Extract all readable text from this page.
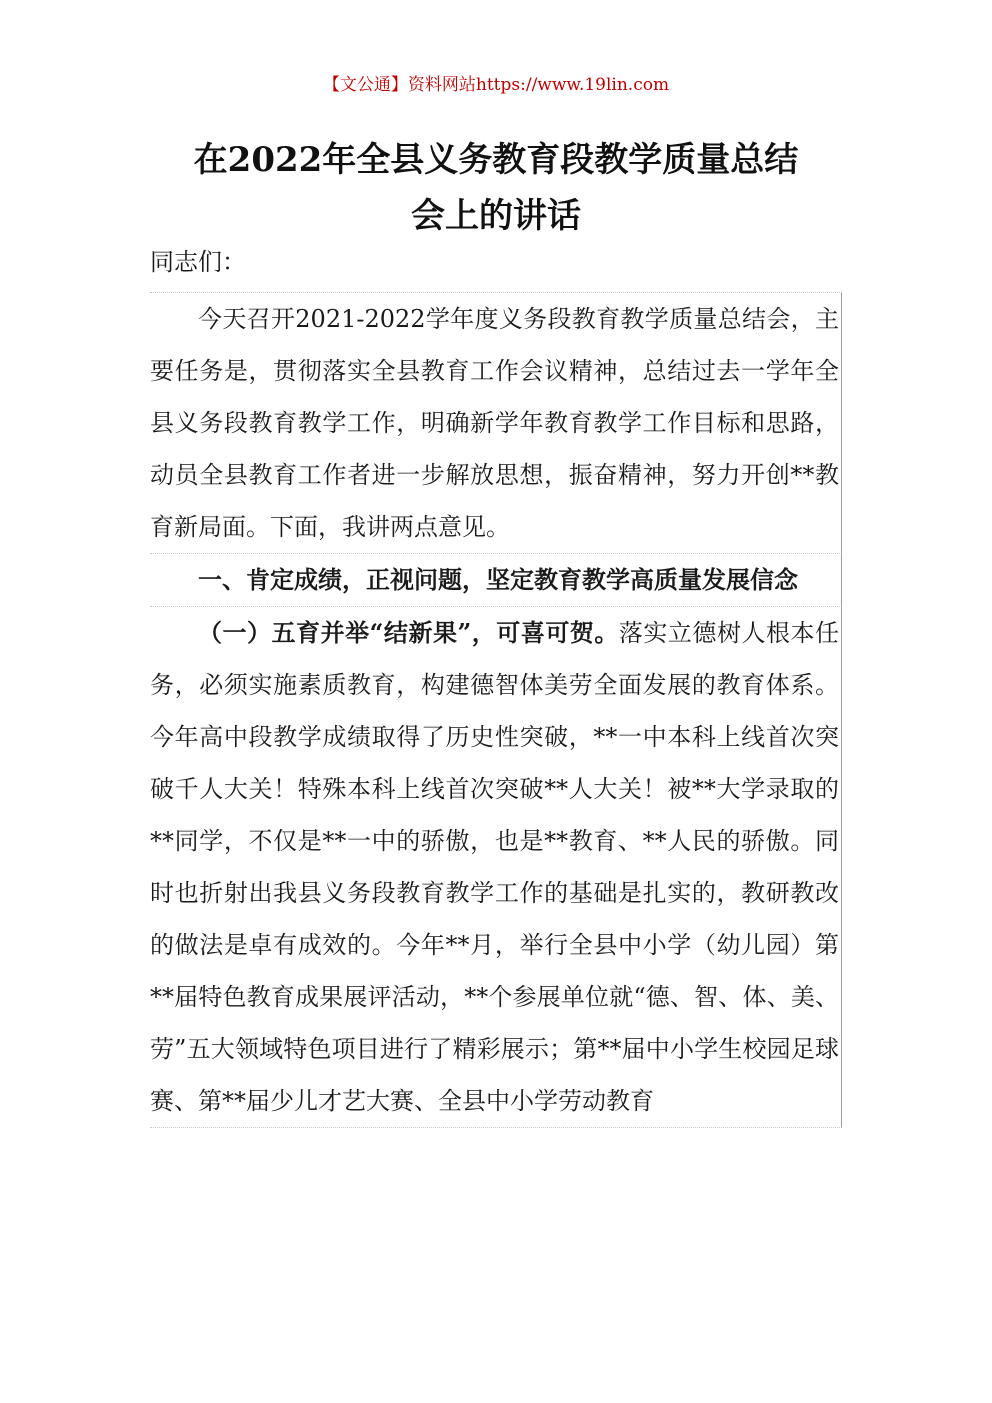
【文公通】资料网站https://www.19lin.com
在2022年全县义务教育段教学质量总结
会上的讲话

同志们：

今天召开2021-2022学年度义务段教育教学质量总结会，主要任务是，贯彻落实全县教育工作会议精神，总结过去一学年全县义务段教育教学工作，明确新学年教育教学工作目标和思路，动员全县教育工作者进一步解放思想，振奋精神，努力开创**教育新局面。下面，我讲两点意见。

一、肯定成绩，正视问题，坚定教育教学高质量发展信念

（一）五育并举“结新果”，可喜可贺。落实立德树人根本任务，必须实施素质教育，构建德智体美劳全面发展的教育体系。今年高中段教学成绩取得了历史性突破，**一中本科上线首次突破千人大关！特殊本科上线首次突破**人大关！被**大学录取的**同学，不仅是**一中的骄傲，也是**教育、**人民的骄傲。同时也折射出我县义务段教育教学工作的基础是扎实的，教研教改的做法是卓有成效的。今年**月，举行全县中小学（幼儿园）第**届特色教育成果展评活动，**个参展单位就“德、智、体、美、劳”五大领域特色项目进行了精彩展示；第**届中小学生校园足球赛、第**届少儿才艺大赛、全县中小学劳动教育
